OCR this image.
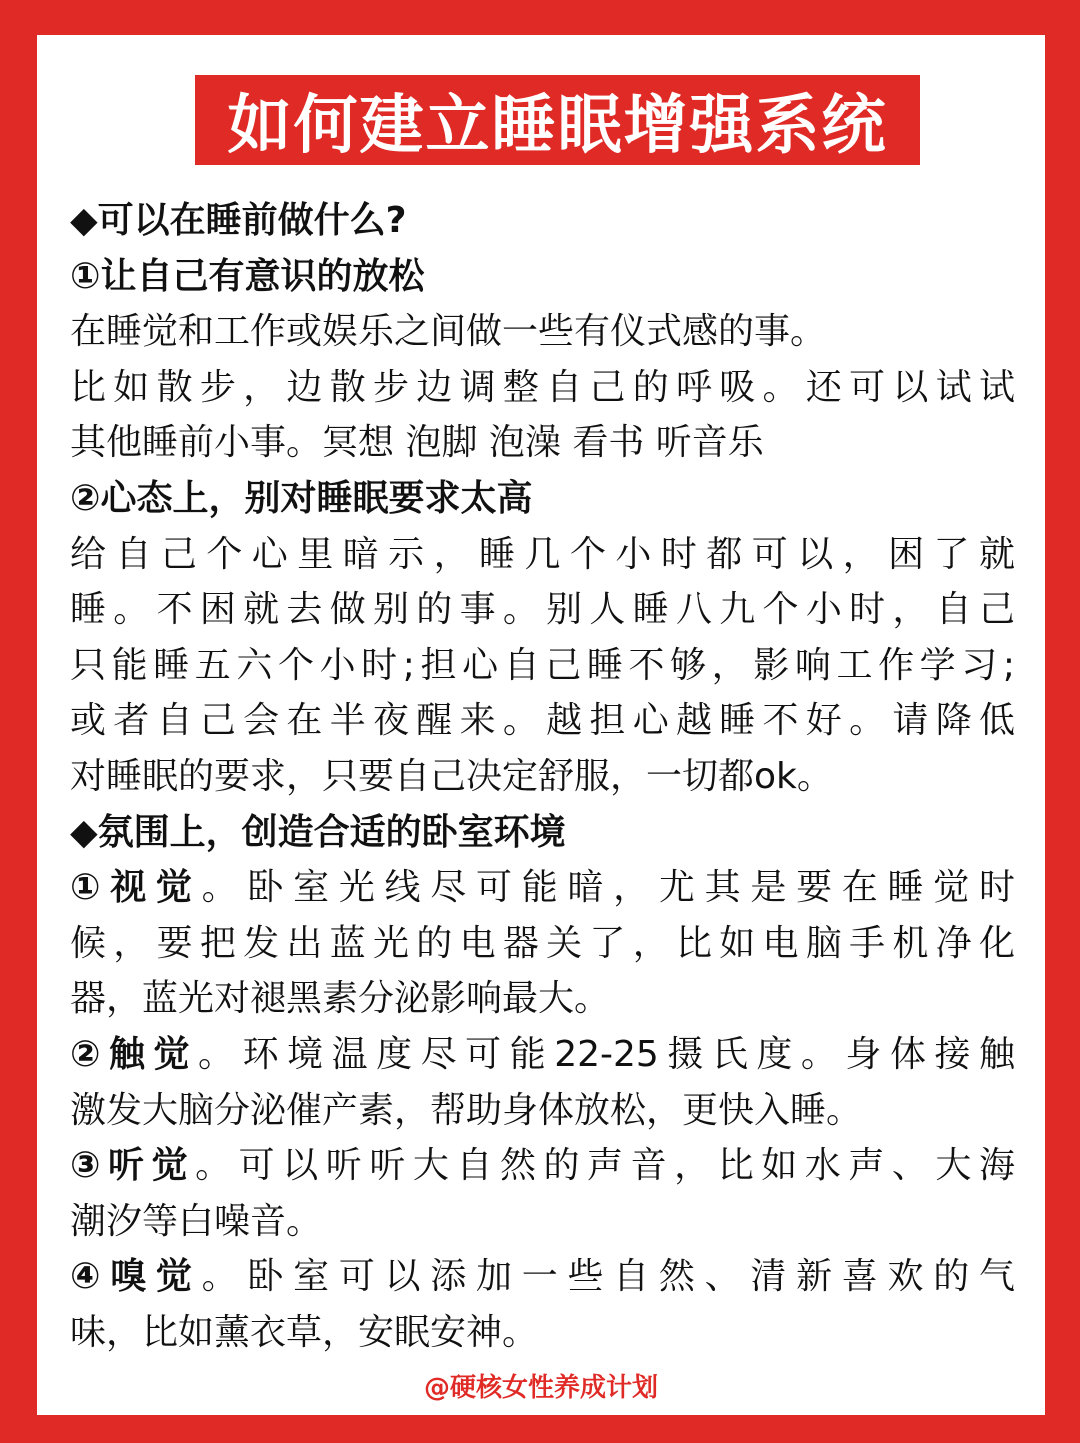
如何建立睡眠增强系统
◆可以在睡前做什么?
①让自己有意识的放松
在睡觉和工作或娱乐之间做一些有仪式感的事。
比如散步，边散步边调整自己的呼吸。还可以试试
其他睡前小事。冥想 泡脚 泡澡 看书 听音乐
②心态上，别对睡眠要求太高
给自己个心里暗示，睡几个小时都可以，困了就
睡。不困就去做别的事。别人睡八九个小时，自己
只能睡五六个小时;担心自己睡不够，影响工作学习;
或者自己会在半夜醒来。越担心越睡不好。请降低
对睡眠的要求，只要自己决定舒服，一切都ok。
◆氛围上，创造合适的卧室环境
①视觉。卧室光线尽可能暗，尤其是要在睡觉时
候，要把发出蓝光的电器关了，比如电脑手机净化
器，蓝光对褪黑素分泌影响最大。
②触觉。环境温度尽可能22-25摄氏度。身体接触
激发大脑分泌催产素，帮助身体放松，更快入睡。
③听觉。可以听听大自然的声音，比如水声、大海
潮汐等白噪音。
④嗅觉。卧室可以添加一些自然、清新喜欢的气
味，比如薰衣草，安眠安神。
@硬核女性养成计划
